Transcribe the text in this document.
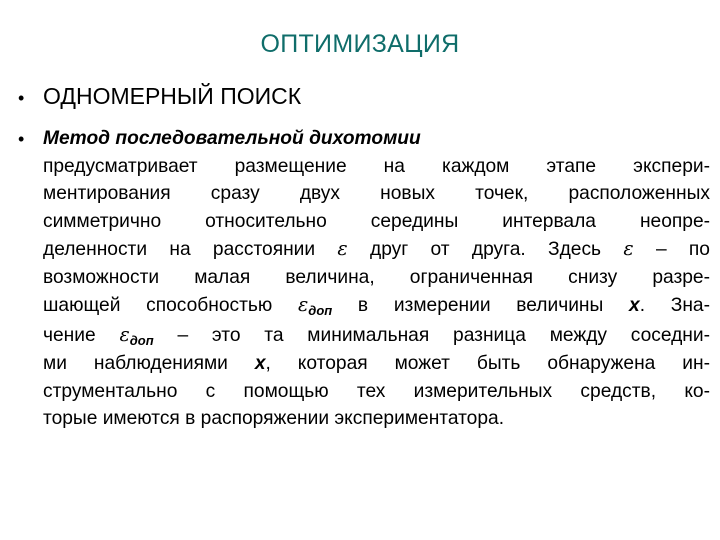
ОПТИМИЗАЦИЯ
• ОДНОМЕРНЫЙ ПОИСК
• Метод последовательной дихотомии
предусматривает размещение на каждом этапе экспери-
ментирования сразу двух новых точек, расположенных
симметрично относительно середины интервала неопре-
деленности на расстоянии ε друг от друга. Здесь ε – по
возможности малая величина, ограниченная снизу разре-
шающей способностью $\varepsilon_{доп}$ в измерении величины x. Зна-
чение $\varepsilon_{доп}$ – это та минимальная разница между соседни-
ми наблюдениями x, которая может быть обнаружена ин-
струментально с помощью тех измерительных средств, ко-
торые имеются в распоряжении экспериментатора.
